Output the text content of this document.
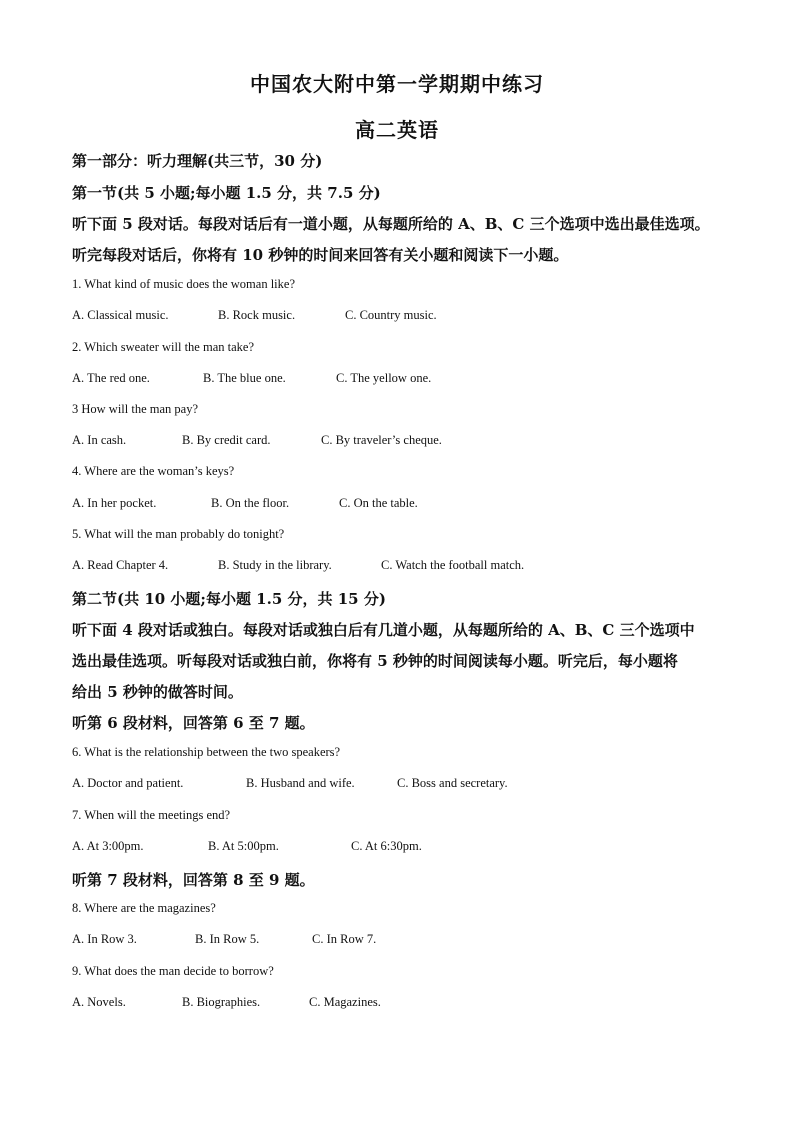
中国农大附中第一学期期中练习
高二英语
第一部分：听力理解(共三节，30 分)
第一节(共 5 小题;每小题 1.5 分，共 7.5 分)
听下面 5 段对话。每段对话后有一道小题，从每题所给的 A、B、C 三个选项中选出最佳选项。
听完每段对话后，你将有 10 秒钟的时间来回答有关小题和阅读下一小题。
1. What kind of music does the woman like?
A. Classical music.	B. Rock music.	C. Country music.
2. Which sweater will the man take?
A. The red one.	B. The blue one.	C. The yellow one.
3 How will the man pay?
A. In cash.	B. By credit card.	C. By traveler’s cheque.
4. Where are the woman’s keys?
A. In her pocket.	B. On the floor.	C. On the table.
5. What will the man probably do tonight?
A. Read Chapter 4.	B. Study in the library.	C. Watch the football match.
第二节(共 10 小题;每小题 1.5 分，共 15 分)
听下面 4 段对话或独白。每段对话或独白后有几道小题，从每题所给的 A、B、C 三个选项中
选出最佳选项。听每段对话或独白前，你将有 5 秒钟的时间阅读每小题。听完后，每小题将
给出 5 秒钟的做答时间。
听第 6 段材料，回答第 6 至 7 题。
6. What is the relationship between the two speakers?
A. Doctor and patient.	B. Husband and wife.	C. Boss and secretary.
7. When will the meetings end?
A. At 3:00pm.	B. At 5:00pm.	C. At 6:30pm.
听第 7 段材料，回答第 8 至 9 题。
8. Where are the magazines?
A. In Row 3.	B. In Row 5.	C. In Row 7.
9. What does the man decide to borrow?
A. Novels.	B. Biographies.	C. Magazines.
